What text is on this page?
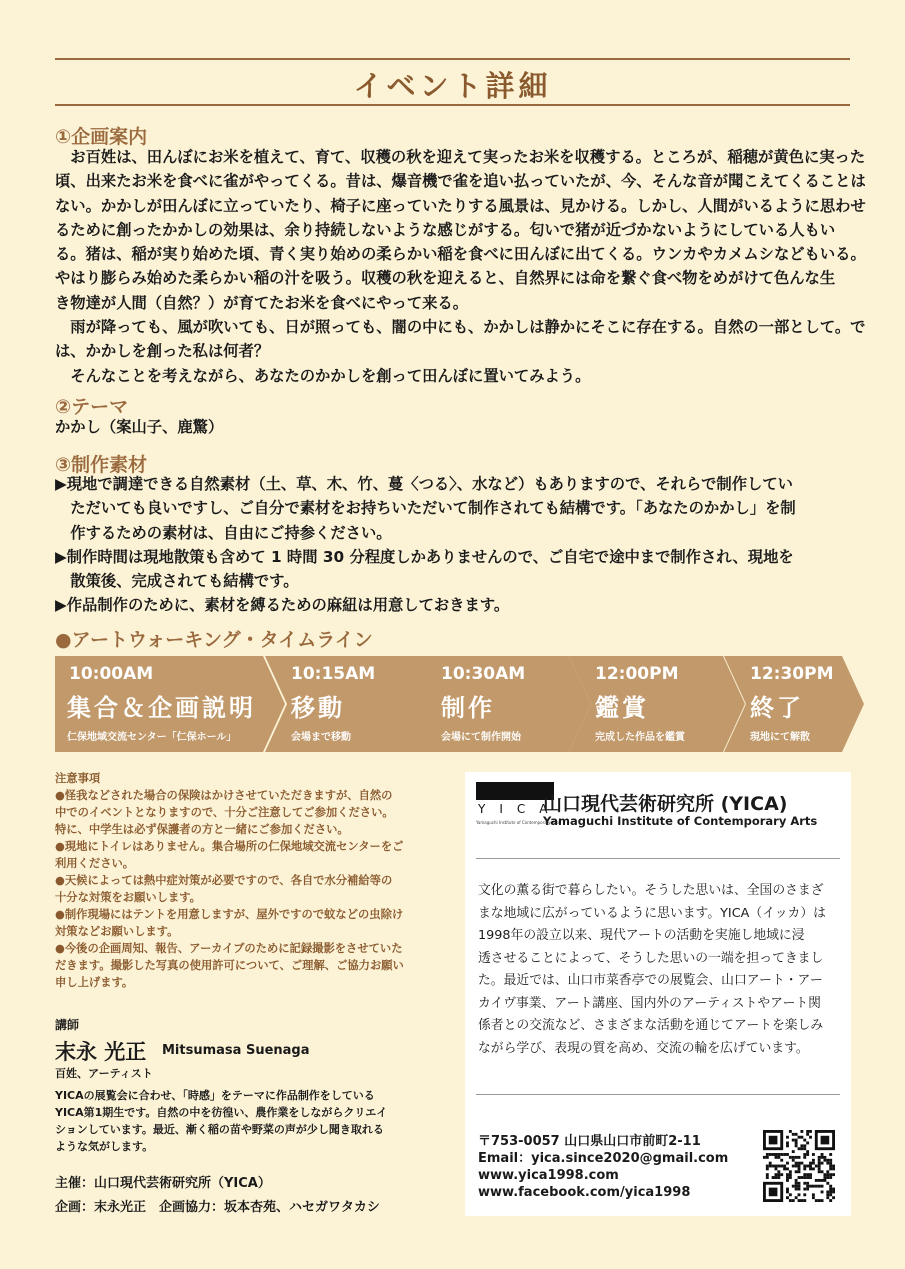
イベント詳細
①企画案内
　お百姓は、田んぼにお米を植えて、育て、収穫の秋を迎えて実ったお米を収穫する。ところが、稲穂が黄色に実った
頃、出来たお米を食べに雀がやってくる。昔は、爆音機で雀を追い払っていたが、今、そんな音が聞こえてくることは
ない。かかしが田んぼに立っていたり、椅子に座っていたりする風景は、見かける。しかし、人間がいるように思わせ
るために創ったかかしの効果は、余り持続しないような感じがする。匂いで猪が近づかないようにしている人もい
る。猪は、稲が実り始めた頃、青く実り始めの柔らかい稲を食べに田んぼに出てくる。ウンカやカメムシなどもいる。
やはり膨らみ始めた柔らかい稲の汁を吸う。収穫の秋を迎えると、自然界には命を繋ぐ食べ物をめがけて色んな生
き物達が人間（自然？）が育てたお米を食べにやって来る。
　雨が降っても、風が吹いても、日が照っても、闇の中にも、かかしは静かにそこに存在する。自然の一部として。で
は、かかしを創った私は何者？
　そんなことを考えながら、あなたのかかしを創って田んぼに置いてみよう。
②テーマ
かかし（案山子、鹿驚）
③制作素材
▶現地で調達できる自然素材（土、草、木、竹、蔓〈つる〉、水など）もありますので、それらで制作してい
　ただいても良いですし、ご自分で素材をお持ちいただいて制作されても結構です。「あなたのかかし」を制
　作するための素材は、自由にご持参ください。
▶制作時間は現地散策も含めて 1 時間 30 分程度しかありませんので、ご自宅で途中まで制作され、現地を
　散策後、完成されても結構です。
▶作品制作のために、素材を縛るための麻紐は用意しておきます。
●アートウォーキング・タイムライン
10:00AM
集合＆企画説明
仁保地域交流センター「仁保ホール」
10:15AM
移動
会場まで移動
10:30AM
制作
会場にて制作開始
12:00PM
鑑賞
完成した作品を鑑賞
12:30PM
終了
現地にて解散
注意事項
●怪我などされた場合の保険はかけさせていただきますが、自然の
中でのイベントとなりますので、十分ご注意してご参加ください。
特に、中学生は必ず保護者の方と一緒にご参加ください。
●現地にトイレはありません。集合場所の仁保地域交流センターをご
利用ください。
●天候によっては熱中症対策が必要ですので、各自で水分補給等の
十分な対策をお願いします。
●制作現場にはテントを用意しますが、屋外ですので蚊などの虫除け
対策などお願いします。
●今後の企画周知、報告、アーカイブのために記録撮影をさせていた
だきます。撮影した写真の使用許可について、ご理解、ご協力お願い
申し上げます。
講師
末永 光正 Mitsumasa Suenaga
百姓、アーティスト
YICAの展覧会に合わせ、「時感」をテーマに作品制作をしている
YICA第1期生です。自然の中を彷徨い、農作業をしながらクリエイ
ションしています。最近、漸く稲の苗や野菜の声が少し聞き取れる
ような気がします。
主催：山口現代芸術研究所（YICA）
企画：末永光正　企画協力：坂本杏苑、ハセガワタカシ
YICA
Yamaguchi Institute of Contemporary Arts
山口現代芸術研究所 (YICA)
Yamaguchi Institute of Contemporary Arts
文化の薫る街で暮らしたい。そうした思いは、全国のさまざ
まな地域に広がっているように思います。YICA（イッカ）は
1998年の設立以来、現代アートの活動を実施し地域に浸
透させることによって、そうした思いの一端を担ってきまし
た。最近では、山口市菜香亭での展覧会、山口アート・アー
カイヴ事業、アート講座、国内外のアーティストやアート関
係者との交流など、さまざまな活動を通じてアートを楽しみ
ながら学び、表現の質を高め、交流の輪を広げています。
〒753-0057 山口県山口市前町2-11
Email：yica.since2020@gmail.com
www.yica1998.com
www.facebook.com/yica1998
